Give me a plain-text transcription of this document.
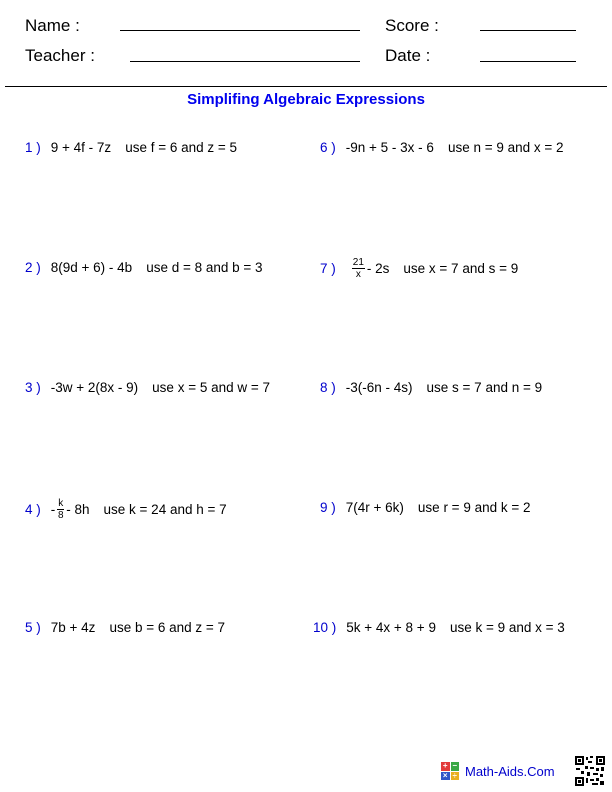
Name :	Score :
Teacher :	Date :
Simplifing Algebraic Expressions
1 ) 9 + 4f - 7z use f = 6 and z = 5
2 ) 8(9d + 6) - 4b use d = 8 and b = 3
3 ) -3w + 2(8x - 9) use x = 5 and w = 7
4 ) - $\frac{k}{8} - 8h$ use k = 24 and h = 7
5 ) 7b + 4z use b = 6 and z = 7
6 ) -9n + 5 - 3x - 6 use n = 9 and x = 2
7 ) $\frac{21}{x} - 2s$ use x = 7 and s = 9
8 ) -3(-6n - 4s) use s = 7 and n = 9
9 ) 7(4r + 6k) use r = 9 and k = 2
10 ) 5k + 4x + 8 + 9 use k = 9 and x = 3
+ −
× ÷ Math-Aids.Com
